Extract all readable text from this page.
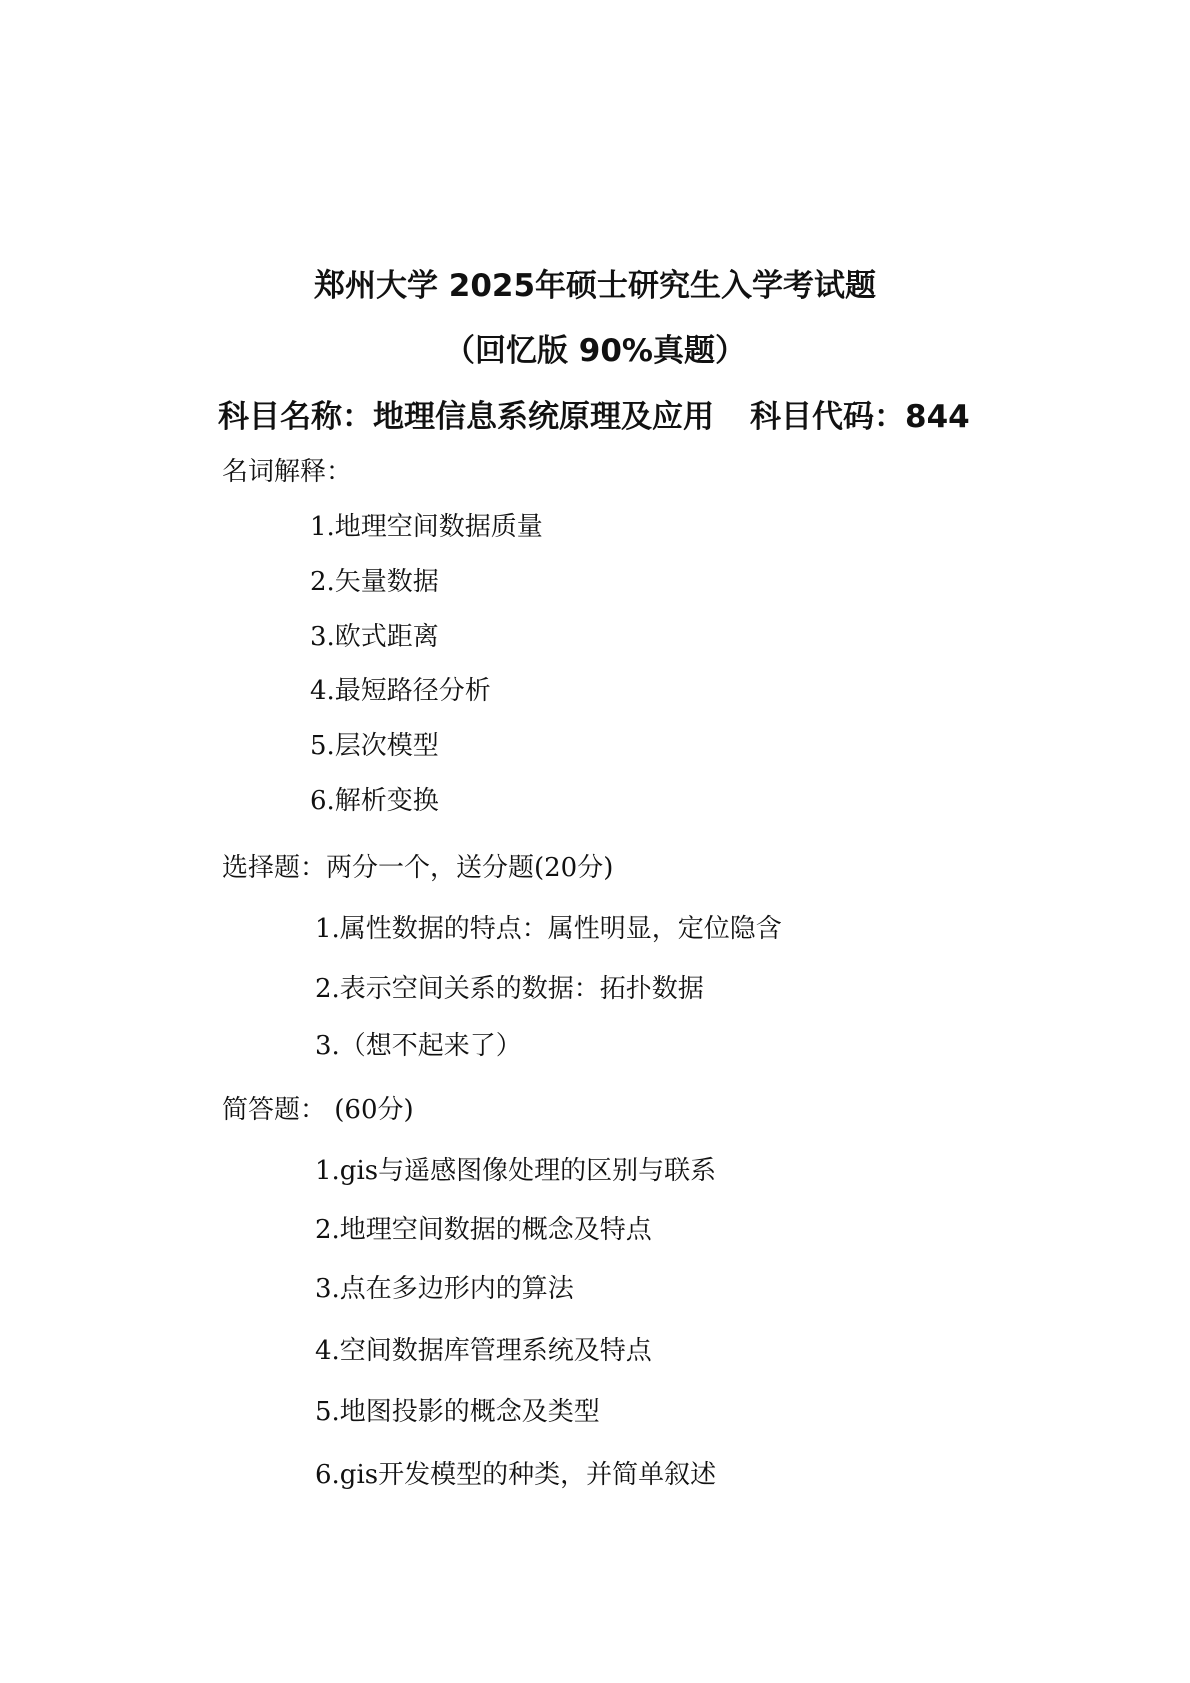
郑州大学 2025年硕士研究生入学考试题
（回忆版 90%真题）
科目名称：地理信息系统原理及应用 科目代码：844
名词解释：
1.地理空间数据质量
2.矢量数据
3.欧式距离
4.最短路径分析
5.层次模型
6.解析变换
选择题：两分一个，送分题(20分)
1.属性数据的特点：属性明显，定位隐含
2.表示空间关系的数据：拓扑数据
3.（想不起来了）
简答题： (60分)
1.gis与遥感图像处理的区别与联系
2.地理空间数据的概念及特点
3.点在多边形内的算法
4.空间数据库管理系统及特点
5.地图投影的概念及类型
6.gis开发模型的种类，并简单叙述
